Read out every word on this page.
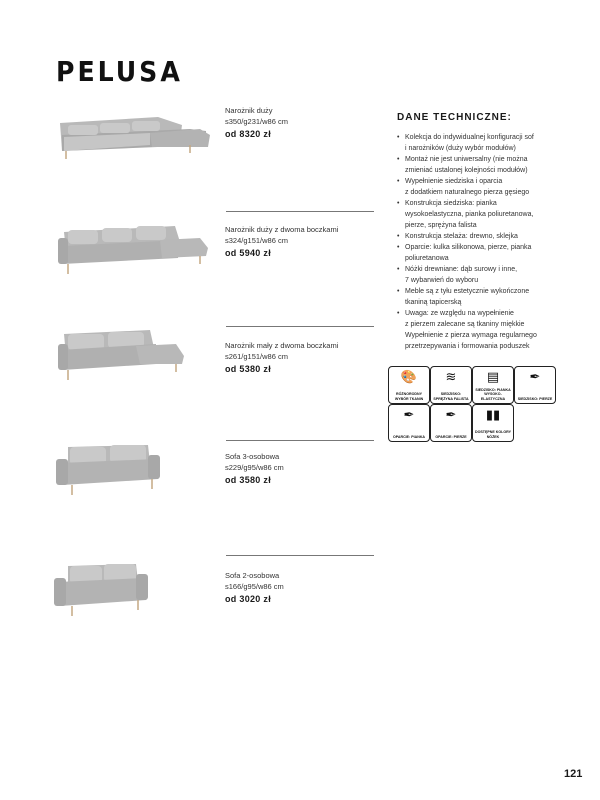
PELUSA
Narożnik duży
s350/g231/w86 cm
od 8320 zł
Narożnik duży z dwoma boczkami
s324/g151/w86 cm
od 5940 zł
Narożnik mały z dwoma boczkami
s261/g151/w86 cm
od 5380 zł
Sofa 3-osobowa
s229/g95/w86 cm
od 3580 zł
Sofa 2-osobowa
s166/g95/w86 cm
od 3020 zł
DANE TECHNICZNE:
• Kolekcja do indywidualnej konfiguracji sof
i narożników (duży wybór modułów)
• Montaż nie jest uniwersalny (nie można
zmieniać ustalonej kolejności modułów)
• Wypełnienie siedziska i oparcia
z dodatkiem naturalnego pierza gęsiego
• Konstrukcja siedziska: pianka
wysokoelastyczna, pianka poliuretanowa,
pierze, sprężyna falista
• Konstrukcja stelaża: drewno, sklejka
• Oparcie: kulka silikonowa, pierze, pianka
poliuretanowa
• Nóżki drewniane: dąb surowy i inne,
7 wybarwień do wyboru
• Meble są z tyłu estetycznie wykończone
tkaniną tapicerską
• Uwaga: ze względu na wypełnienie
z pierzem zalecane są tkaniny miękkie
Wypełnienie z pierza wymaga regularnego
przetrzepywania i formowania poduszek
🎨
RÓŻNORODNY WYBÓR TKANIN
≋
SIEDZISKO: SPRĘŻYNA FALISTA
▤
SIEDZISKO: PIANKA WYSOKO-ELASTYCZNA
✒
SIEDZISKO: PIERZE
✒
OPARCIE: PIANKA
✒
OPARCIE: PIERZE
▮▮
DOSTĘPNE KOLORY NÓŻEK
121
